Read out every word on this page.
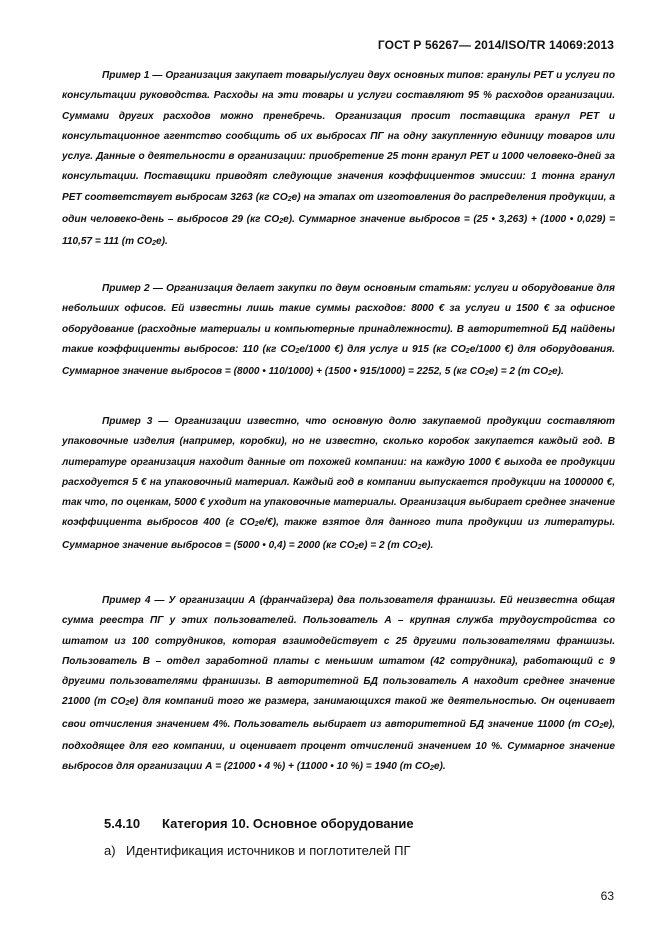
ГОСТ Р 56267— 2014/ISO/TR 14069:2013

Пример 1 — Организация закупает товары/услуги двух основных типов: гранулы PET и услуги по консультации руководства. Расходы на эти товары и услуги составляют 95 % расходов организации. Суммами других расходов можно пренебречь. Организация просит поставщика гранул PET и консультационное агентство сообщить об их выбросах ПГ на одну закупленную единицу товаров или услуг. Данные о деятельности в организации: приобретение 25 тонн гранул PET и 1000 человеко-дней за консультации. Поставщики приводят следующие значения коэффициентов эмиссии: 1 тонна гранул PET соответствует выбросам 3263 (кг $CO_2e$) на этапах от изготовления до распределения продукции, а один человеко-день – выбросов 29 (кг $CO_2e$). Суммарное значение выбросов = (25 • 3,263) + (1000 • 0,029) = 110,57 = 111 (т $CO_2e$).

Пример 2 — Организация делает закупки по двум основным статьям: услуги и оборудование для небольших офисов. Ей известны лишь такие суммы расходов: 8000 € за услуги и 1500 € за офисное оборудование (расходные материалы и компьютерные принадлежности). В авторитетной БД найдены такие коэффициенты выбросов: 110 (кг $CO_2e/1000$ €) для услуг и 915 (кг $CO_2e/1000$ €) для оборудования. Суммарное значение выбросов = (8000 • 110/1000) + (1500 • 915/1000) = 2252, 5 (кг $CO_2e) = 2$ (т $CO_2e$).

Пример 3 — Организации известно, что основную долю закупаемой продукции составляют упаковочные изделия (например, коробки), но не известно, сколько коробок закупается каждый год. В литературе организация находит данные от похожей компании: на каждую 1000 € выхода ее продукции расходуется 5 € на упаковочный материал. Каждый год в компании выпускается продукции на 1000000 €, так что, по оценкам, 5000 € уходит на упаковочные материалы. Организация выбирает среднее значение коэффициента выбросов 400 (г $CO_2e/€$), также взятое для данного типа продукции из литературы. Суммарное значение выбросов = (5000 • 0,4) = 2000 (кг $CO_2e) = 2$ (т $CO_2e$).

Пример 4 — У организации А (франчайзера) два пользователя франшизы. Ей неизвестна общая сумма реестра ПГ у этих пользователей. Пользователь А – крупная служба трудоустройства со штатом из 100 сотрудников, которая взаимодействует с 25 другими пользователями франшизы. Пользователь В – отдел заработной платы с меньшим штатом (42 сотрудника), работающий с 9 другими пользователями франшизы. В авторитетной БД пользователь А находит среднее значение 21000 (т $CO_2e$) для компаний того же размера, занимающихся такой же деятельностью. Он оценивает свои отчисления значением 4%. Пользователь выбирает из авторитетной БД значение 11000 (т $CO_2e$), подходящее для его компании, и оценивает процент отчислений значением 10 %. Суммарное значение выбросов для организации А = (21000 • 4 %) + (11000 • 10 %) = 1940 (т $CO_2e$).

5.4.10 Категория 10. Основное оборудование
а) Идентификация источников и поглотителей ПГ
63
